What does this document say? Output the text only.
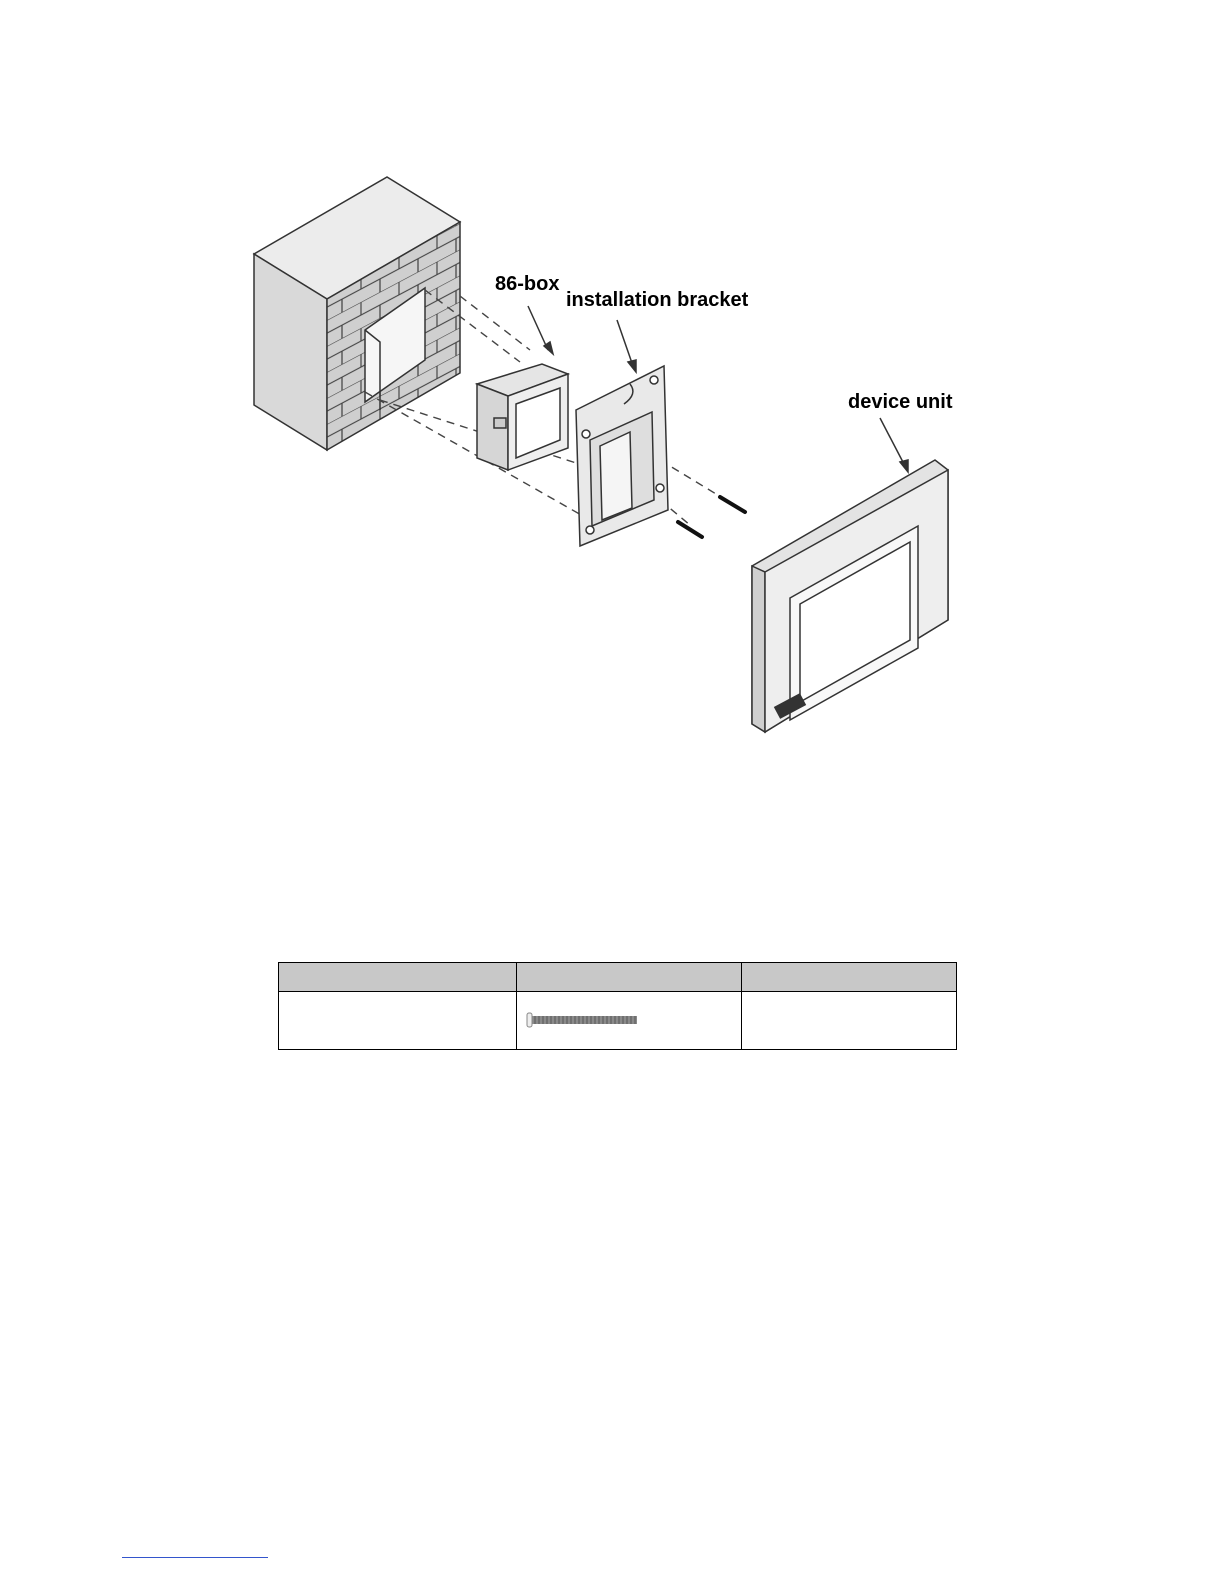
86-box
installation bracket
device unit
